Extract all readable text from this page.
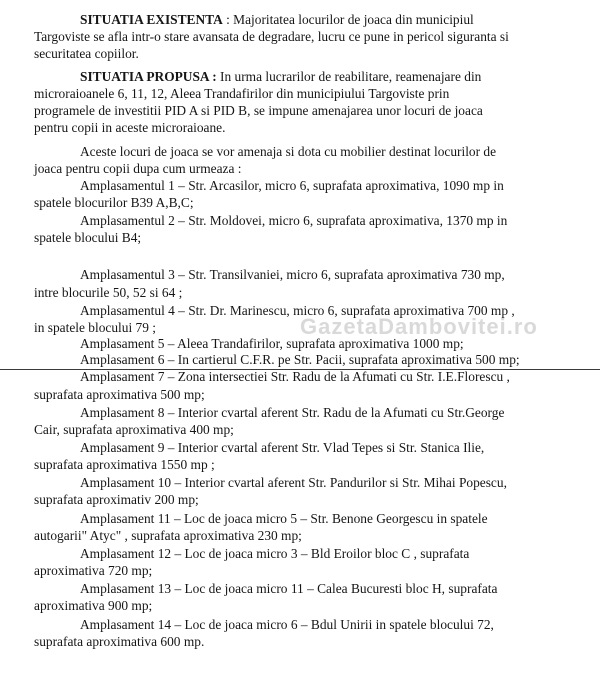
SITUATIA EXISTENTA : Majoritatea locurilor de joaca din municipiul
Targoviste se afla intr-o stare avansata de degradare, lucru ce pune in pericol siguranta si
securitatea copiilor.
SITUATIA PROPUSA : In urma lucrarilor de reabilitare, reamenajare din
microraioanele 6, 11, 12, Aleea Trandafirilor din municipiului Targoviste prin
programele de investitii PID A si PID B, se impune amenajarea unor locuri de joaca
pentru copii in aceste microraioane.
Aceste locuri de joaca se vor amenaja si dota cu mobilier destinat locurilor de
joaca pentru copii dupa cum urmeaza :
Amplasamentul 1 – Str. Arcasilor, micro 6, suprafata aproximativa, 1090 mp in
spatele blocurilor B39 A,B,C;
Amplasamentul 2 – Str. Moldovei, micro 6, suprafata aproximativa, 1370 mp in
spatele blocului B4;
Amplasamentul 3 – Str. Transilvaniei, micro 6, suprafata aproximativa 730 mp,
intre blocurile 50, 52 si 64 ;
Amplasamentul 4 – Str. Dr. Marinescu, micro 6, suprafata aproximativa 700 mp ,
in spatele blocului 79 ;
Amplasament 5 – Aleea Trandafirilor, suprafata aproximativa 1000 mp;
Amplasament 6 – In cartierul C.F.R. pe Str. Pacii, suprafata aproximativa 500 mp;
Amplasament 7 – Zona intersectiei Str. Radu de la Afumati cu Str. I.E.Florescu ,
suprafata aproximativa 500 mp;
Amplasament 8 – Interior cvartal aferent Str. Radu de la Afumati cu Str.George
Cair, suprafata aproximativa 400 mp;
Amplasament 9 – Interior cvartal aferent Str. Vlad Tepes si Str. Stanica Ilie,
suprafata aproximativa 1550 mp ;
Amplasament 10 – Interior cvartal aferent Str. Pandurilor si Str. Mihai Popescu,
suprafata aproximativ 200 mp;
Amplasament 11 – Loc de joaca micro 5 – Str. Benone Georgescu in spatele
autogarii" Atyc" , suprafata aproximativa 230 mp;
Amplasament 12 – Loc de joaca micro 3 – Bld Eroilor bloc C , suprafata
aproximativa 720 mp;
Amplasament 13 – Loc de joaca micro 11 – Calea Bucuresti bloc H, suprafata
aproximativa 900 mp;
Amplasament 14 – Loc de joaca micro 6 – Bdul Unirii in spatele blocului 72,
suprafata aproximativa 600 mp.
GazetaDambovitei.ro
